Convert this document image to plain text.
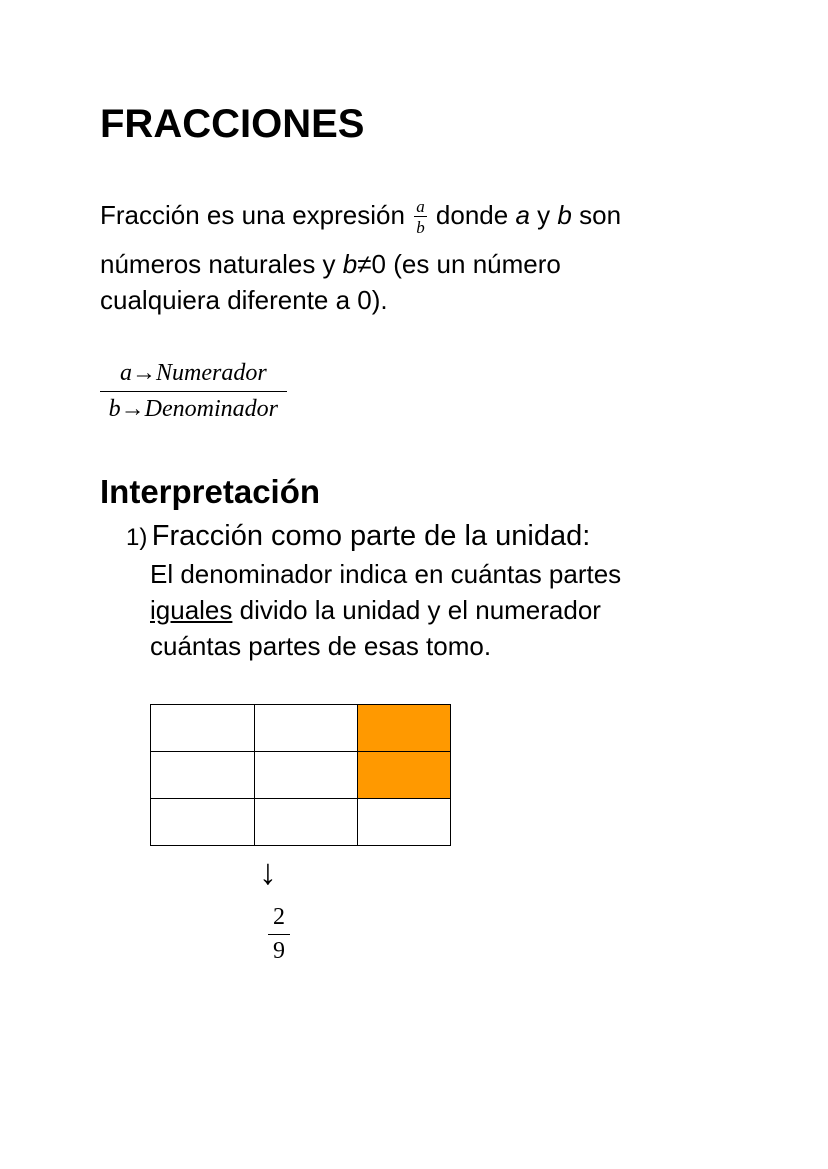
FRACCIONES
Fracción es una expresión $\frac{a}{b}$ donde a y b son
números naturales y b≠0 (es un número
cualquiera diferente a 0).
a→Numerador
b→Denominador
Interpretación
1) Fracción como parte de la unidad:
El denominador indica en cuántas partes
iguales divido la unidad y el numerador
cuántas partes de esas tomo.

↓
$\frac{2}{9}$
